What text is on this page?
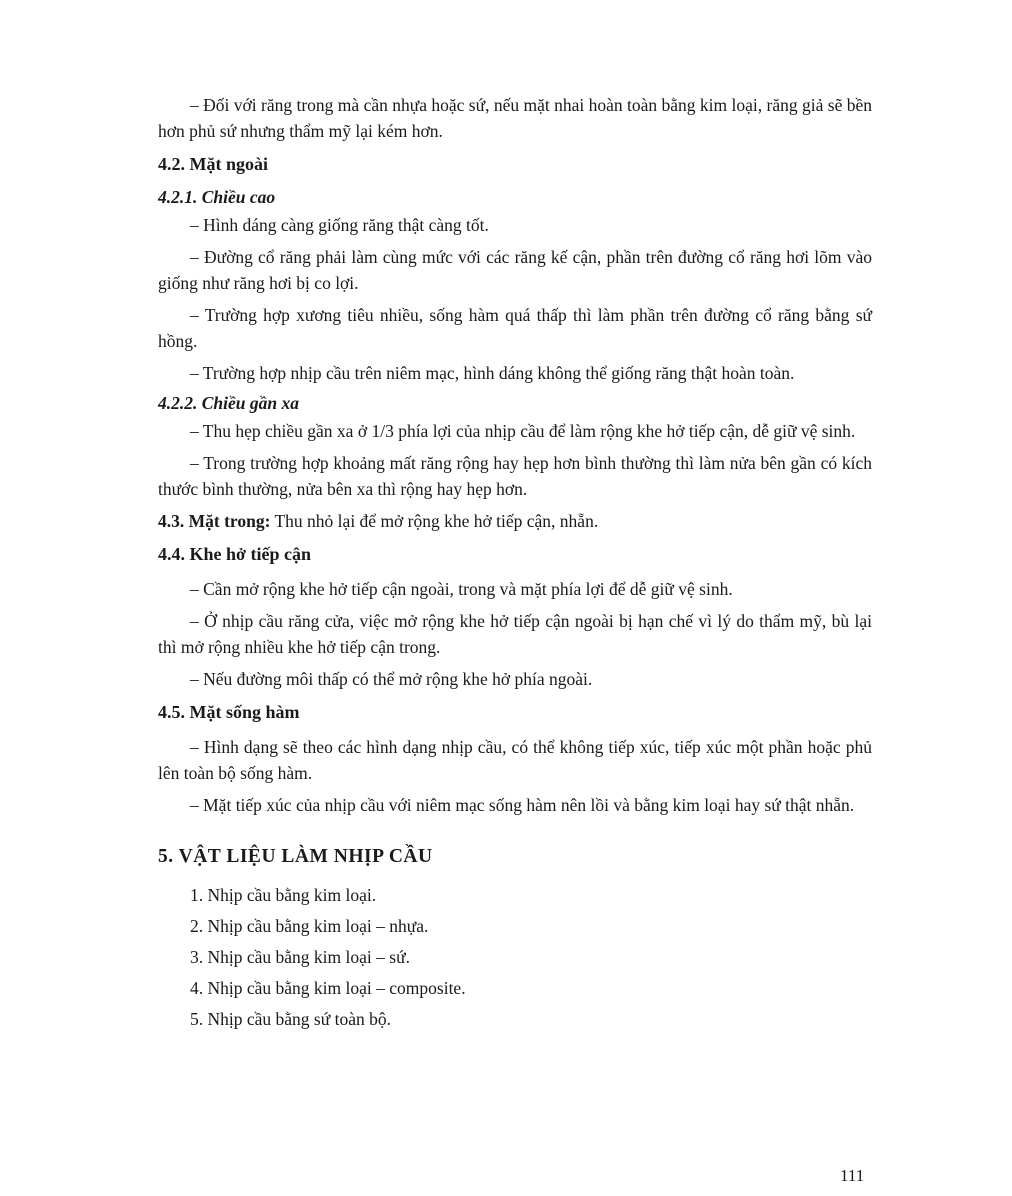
– Đối với răng trong mà cần nhựa hoặc sứ, nếu mặt nhai hoàn toàn bằng kim loại, răng giả sẽ bền hơn phủ sứ nhưng thẩm mỹ lại kém hơn.

4.2. Mặt ngoài
4.2.1. Chiều cao

– Hình dáng càng giống răng thật càng tốt.

– Đường cổ răng phải làm cùng mức với các răng kế cận, phần trên đường cổ răng hơi lõm vào giống như răng hơi bị co lợi.

– Trường hợp xương tiêu nhiều, sống hàm quá thấp thì làm phần trên đường cổ răng bằng sứ hồng.

– Trường hợp nhịp cầu trên niêm mạc, hình dáng không thể giống răng thật hoàn toàn.

4.2.2. Chiều gần xa

– Thu hẹp chiều gần xa ở 1/3 phía lợi của nhịp cầu để làm rộng khe hở tiếp cận, dễ giữ vệ sinh.

– Trong trường hợp khoảng mất răng rộng hay hẹp hơn bình thường thì làm nửa bên gần có kích thước bình thường, nửa bên xa thì rộng hay hẹp hơn.

4.3. Mặt trong: Thu nhỏ lại để mở rộng khe hở tiếp cận, nhẵn.

4.4. Khe hở tiếp cận

– Cần mở rộng khe hở tiếp cận ngoài, trong và mặt phía lợi để dễ giữ vệ sinh.

– Ở nhịp cầu răng cửa, việc mở rộng khe hở tiếp cận ngoài bị hạn chế vì lý do thẩm mỹ, bù lại thì mở rộng nhiều khe hở tiếp cận trong.

– Nếu đường môi thấp có thể mở rộng khe hở phía ngoài.

4.5. Mặt sống hàm

– Hình dạng sẽ theo các hình dạng nhịp cầu, có thể không tiếp xúc, tiếp xúc một phần hoặc phủ lên toàn bộ sống hàm.

– Mặt tiếp xúc của nhịp cầu với niêm mạc sống hàm nên lồi và bằng kim loại hay sứ thật nhẵn.

5. VẬT LIỆU LÀM NHỊP CẦU
1. Nhịp cầu bằng kim loại.
2. Nhịp cầu bằng kim loại – nhựa.
3. Nhịp cầu bằng kim loại – sứ.
4. Nhịp cầu bằng kim loại – composite.
5. Nhịp cầu bằng sứ toàn bộ.
111
